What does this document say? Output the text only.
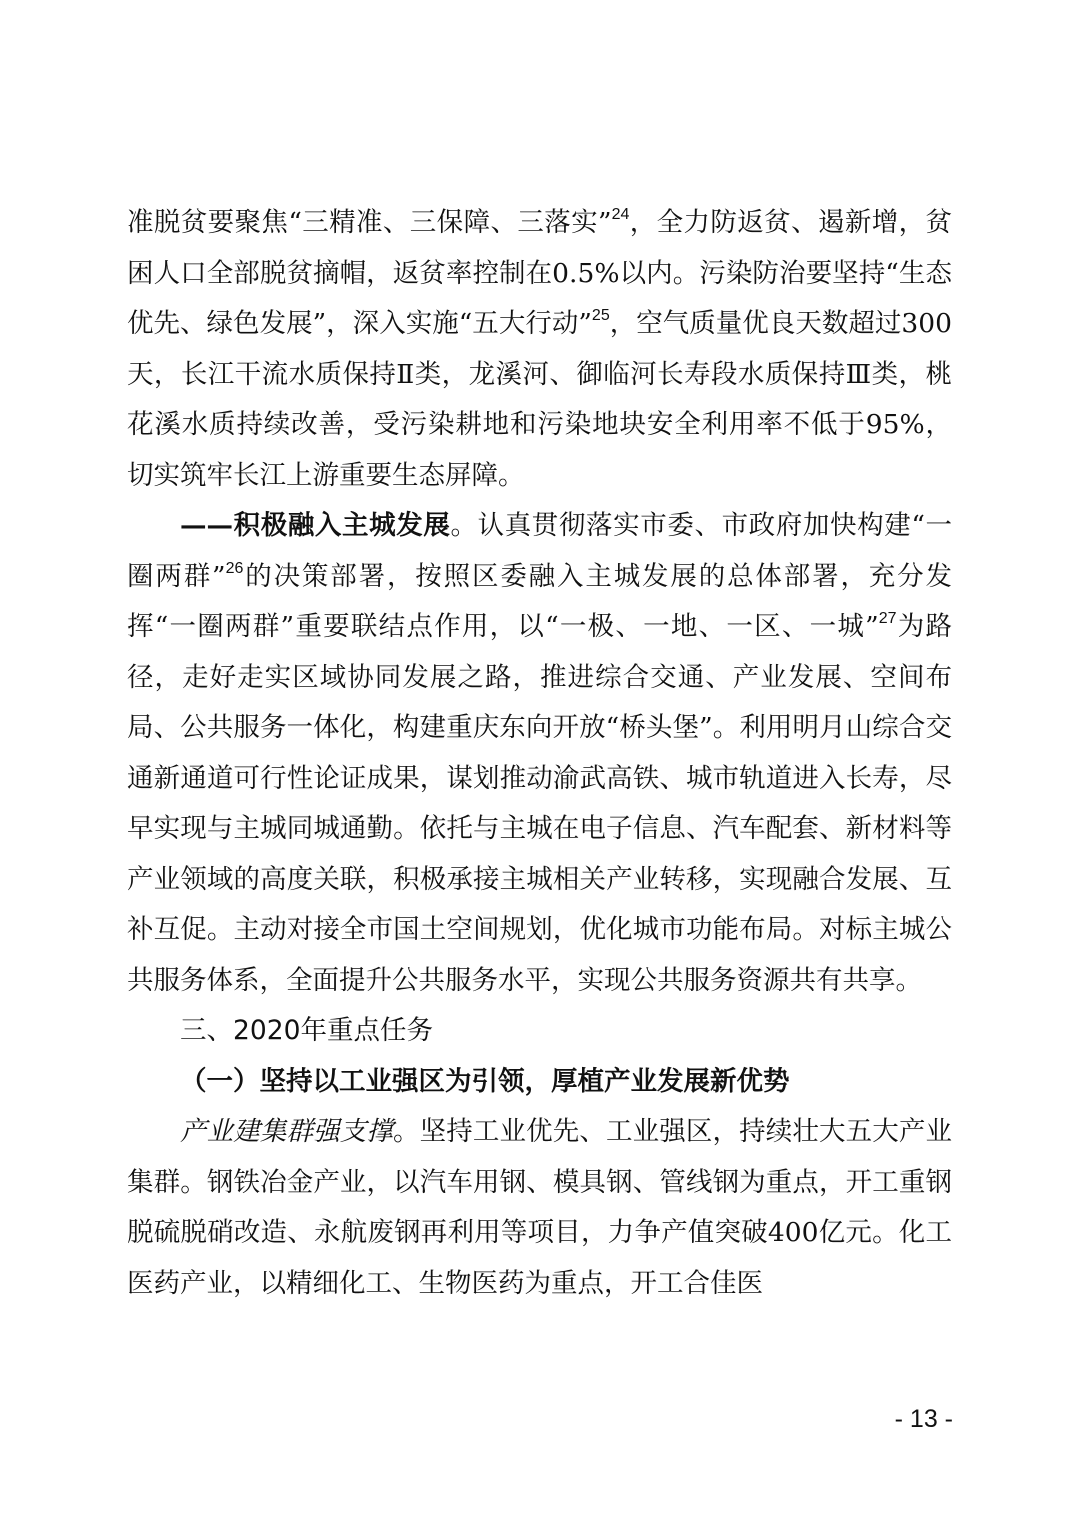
准脱贫要聚焦“三精准、三保障、三落实”$^{24}$，全力防返贫、遏新增，贫困人口全部脱贫摘帽，返贫率控制在0.5%以内。污染防治要坚持“生态优先、绿色发展”，深入实施“五大行动”$^{25}$，空气质量优良天数超过300天，长江干流水质保持Ⅱ类，龙溪河、御临河长寿段水质保持Ⅲ类，桃花溪水质持续改善，受污染耕地和污染地块安全利用率不低于95%，切实筑牢长江上游重要生态屏障。

——积极融入主城发展。认真贯彻落实市委、市政府加快构建“一圈两群”$^{26}$的决策部署，按照区委融入主城发展的总体部署，充分发挥“一圈两群”重要联结点作用，以“一极、一地、一区、一城”$^{27}$为路径，走好走实区域协同发展之路，推进综合交通、产业发展、空间布局、公共服务一体化，构建重庆东向开放“桥头堡”。利用明月山综合交通新通道可行性论证成果，谋划推动渝武高铁、城市轨道进入长寿，尽早实现与主城同城通勤。依托与主城在电子信息、汽车配套、新材料等产业领域的高度关联，积极承接主城相关产业转移，实现融合发展、互补互促。主动对接全市国土空间规划，优化城市功能布局。对标主城公共服务体系，全面提升公共服务水平，实现公共服务资源共有共享。

三、2020年重点任务

（一）坚持以工业强区为引领，厚植产业发展新优势

产业建集群强支撑。坚持工业优先、工业强区，持续壮大五大产业集群。钢铁冶金产业，以汽车用钢、模具钢、管线钢为重点，开工重钢脱硫脱硝改造、永航废钢再利用等项目，力争产值突破400亿元。化工医药产业，以精细化工、生物医药为重点，开工合佳医

- 13 -
